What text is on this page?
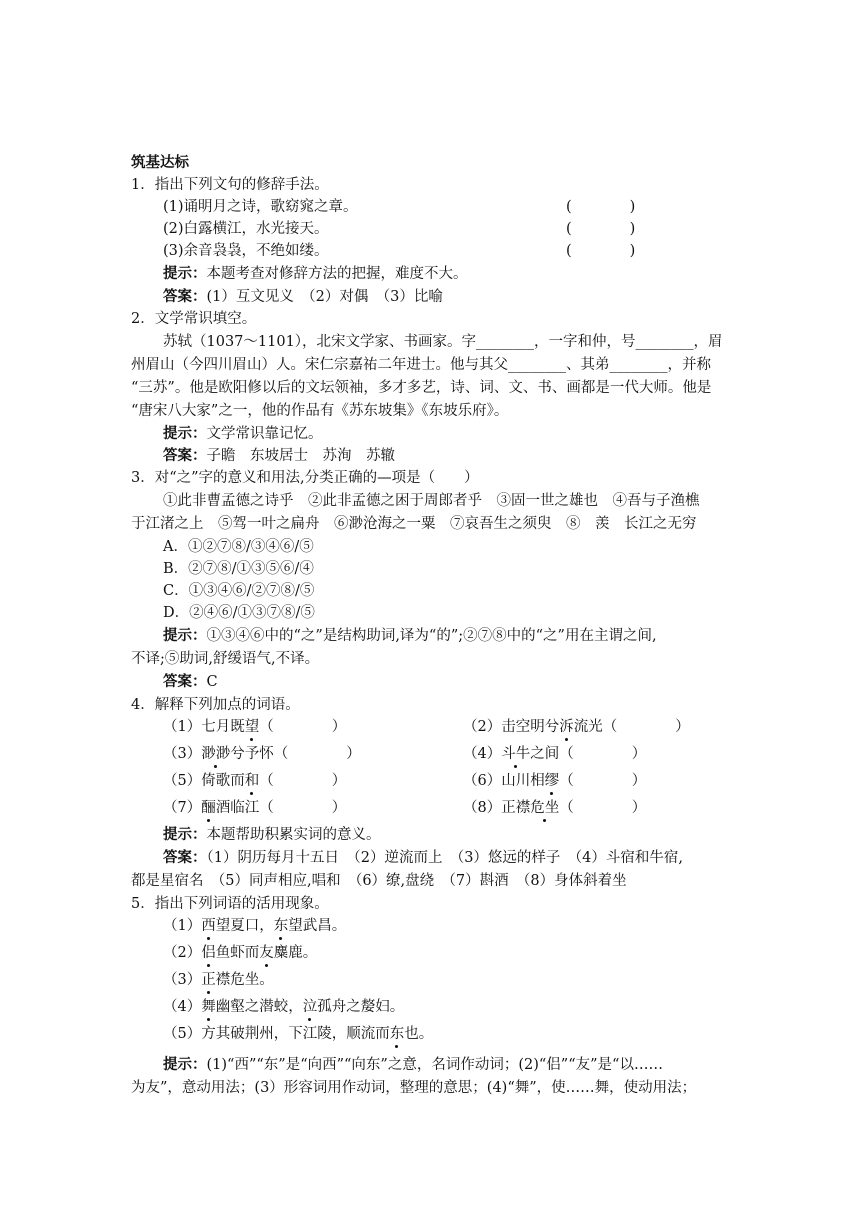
筑基达标
1．指出下列文句的修辞手法。
(1)诵明月之诗，歌窈窕之章。	(　　　　)
(2)白露横江，水光接天。	(　　　　)
(3)余音袅袅，不绝如缕。	(　　　　)
提示：本题考查对修辞方法的把握，难度不大。
答案：(1）互文见义　（2）对偶　（3）比喻
2．文学常识填空。
苏轼（1037～1101），北宋文学家、书画家。字________，一字和仲，号________，眉
州眉山（今四川眉山）人。宋仁宗嘉祐二年进士。他与其父________、其弟________，并称
“三苏”。他是欧阳修以后的文坛领袖，多才多艺，诗、词、文、书、画都是一代大师。他是
“唐宋八大家”之一，他的作品有《苏东坡集》《东坡乐府》。
提示：文学常识靠记忆。
答案：子瞻　东坡居士　苏洵　苏辙
3．对“之”字的意义和用法,分类正确的—项是（　　）
①此非曹孟德之诗乎　②此非孟德之困于周郎者乎　③固一世之雄也　④吾与子渔樵
于江渚之上　⑤驾一叶之扁舟　⑥渺沧海之一粟　⑦哀吾生之须臾　⑧　羡　长江之无穷
A．①②⑦⑧/③④⑥/⑤
B．②⑦⑧/①③⑤⑥/④
C．①③④⑥/②⑦⑧/⑤
D．②④⑥/①③⑦⑧/⑤
提示：①③④⑥中的“之”是结构助词,译为“的”;②⑦⑧中的“之”用在主谓之间,
不译;⑤助词,舒缓语气,不译。
答案：C
4．解释下列加点的词语。
（1）七月既望（　　　　）	（2）击空明兮泝流光（　　　　）
（3）渺渺兮予怀（　　　　）	（4）斗牛之间（　　　　）
（5）倚歌而和（　　　　）	（6）山川相缪（　　　　）
（7）酾酒临江（　　　　）	（8）正襟危坐（　　　　）
提示：本题帮助积累实词的意义。
答案：（1）阴历每月十五日　（2）逆流而上　（3）悠远的样子　（4）斗宿和牛宿,
都是星宿名　（5）同声相应,唱和　（6）缭,盘绕　（7）斟酒　（8）身体斜着坐
5．指出下列词语的活用现象。
（1）西望夏口，东望武昌。
（2）侣鱼虾而友麋鹿。
（3）正襟危坐。
（4）舞幽壑之潜蛟，泣孤舟之嫠妇。
（5）方其破荆州，下江陵，顺流而东也。
提示：(1)“西”“东”是“向西”“向东”之意，名词作动词；(2)“侣”“友”是“以……
为友”，意动用法；(3）形容词用作动词，整理的意思；(4)“舞”，使……舞，使动用法；
